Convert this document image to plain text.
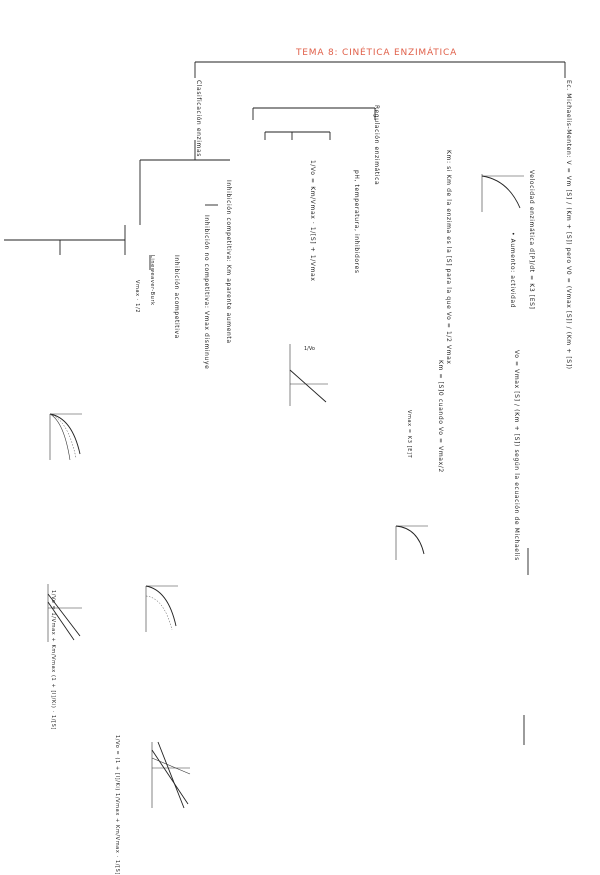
TEMA 8: CINÉTICA ENZIMÁTICA
Ec. Michaelis-Menten: V = Vm [S] / (Km + [S]) pero V0 = (Vmax [S]) / (Km + [S])
Velocidad enzimática d[P]/dt = K3 [ES]
• Aumento: actividad
Km: si Km de la enzima es la [S] para la que Vo = 1/2 Vmax
Clasificación enzimas	Regulación enzimática
Km = [S]0 cuando Vo = Vmax/2	Vo = Vmax [S] / (Km + [S]) según la ecuación de Michaelis
Vmax = K3 [E]T
1/Vo = Km/Vmax · 1/[S] + 1/Vmax	pH, temperatura, inhibidores
Inhibición competitiva: Km aparente aumenta
Inhibición no competitiva: Vmax disminuye
Inhibición acompetitiva
1/Vo = 1/Vmax + Km/Vmax (1 + [I]/Ki) · 1/[S]
1/Vo = (1 + [I]/Ki) 1/Vmax + Km/Vmax · 1/[S]
Lineweaver-Burk
Vmax · 1/2
1/Vo
